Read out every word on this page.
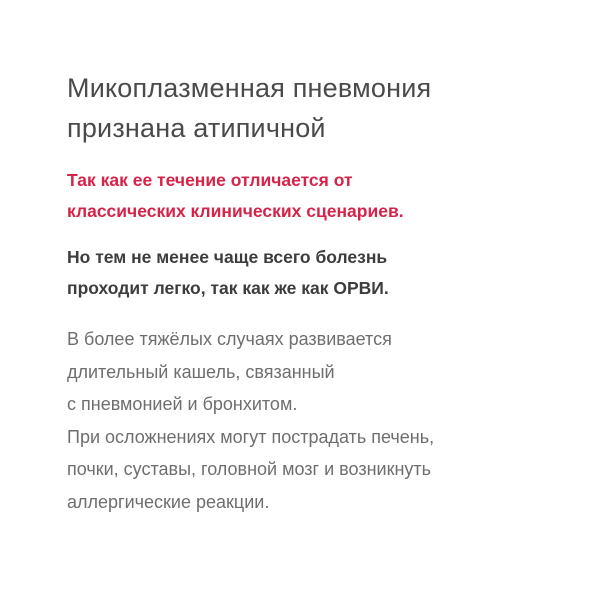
Микоплазменная пневмония
признана атипичной

Так как ее течение отличается от
классических клинических сценариев.

Но тем не менее чаще всего болезнь
проходит легко, так как же как ОРВИ.

В более тяжёлых случаях развивается
длительный кашель, связанный
с пневмонией и бронхитом.
При осложнениях могут пострадать печень,
почки, суставы, головной мозг и возникнуть
аллергические реакции.
